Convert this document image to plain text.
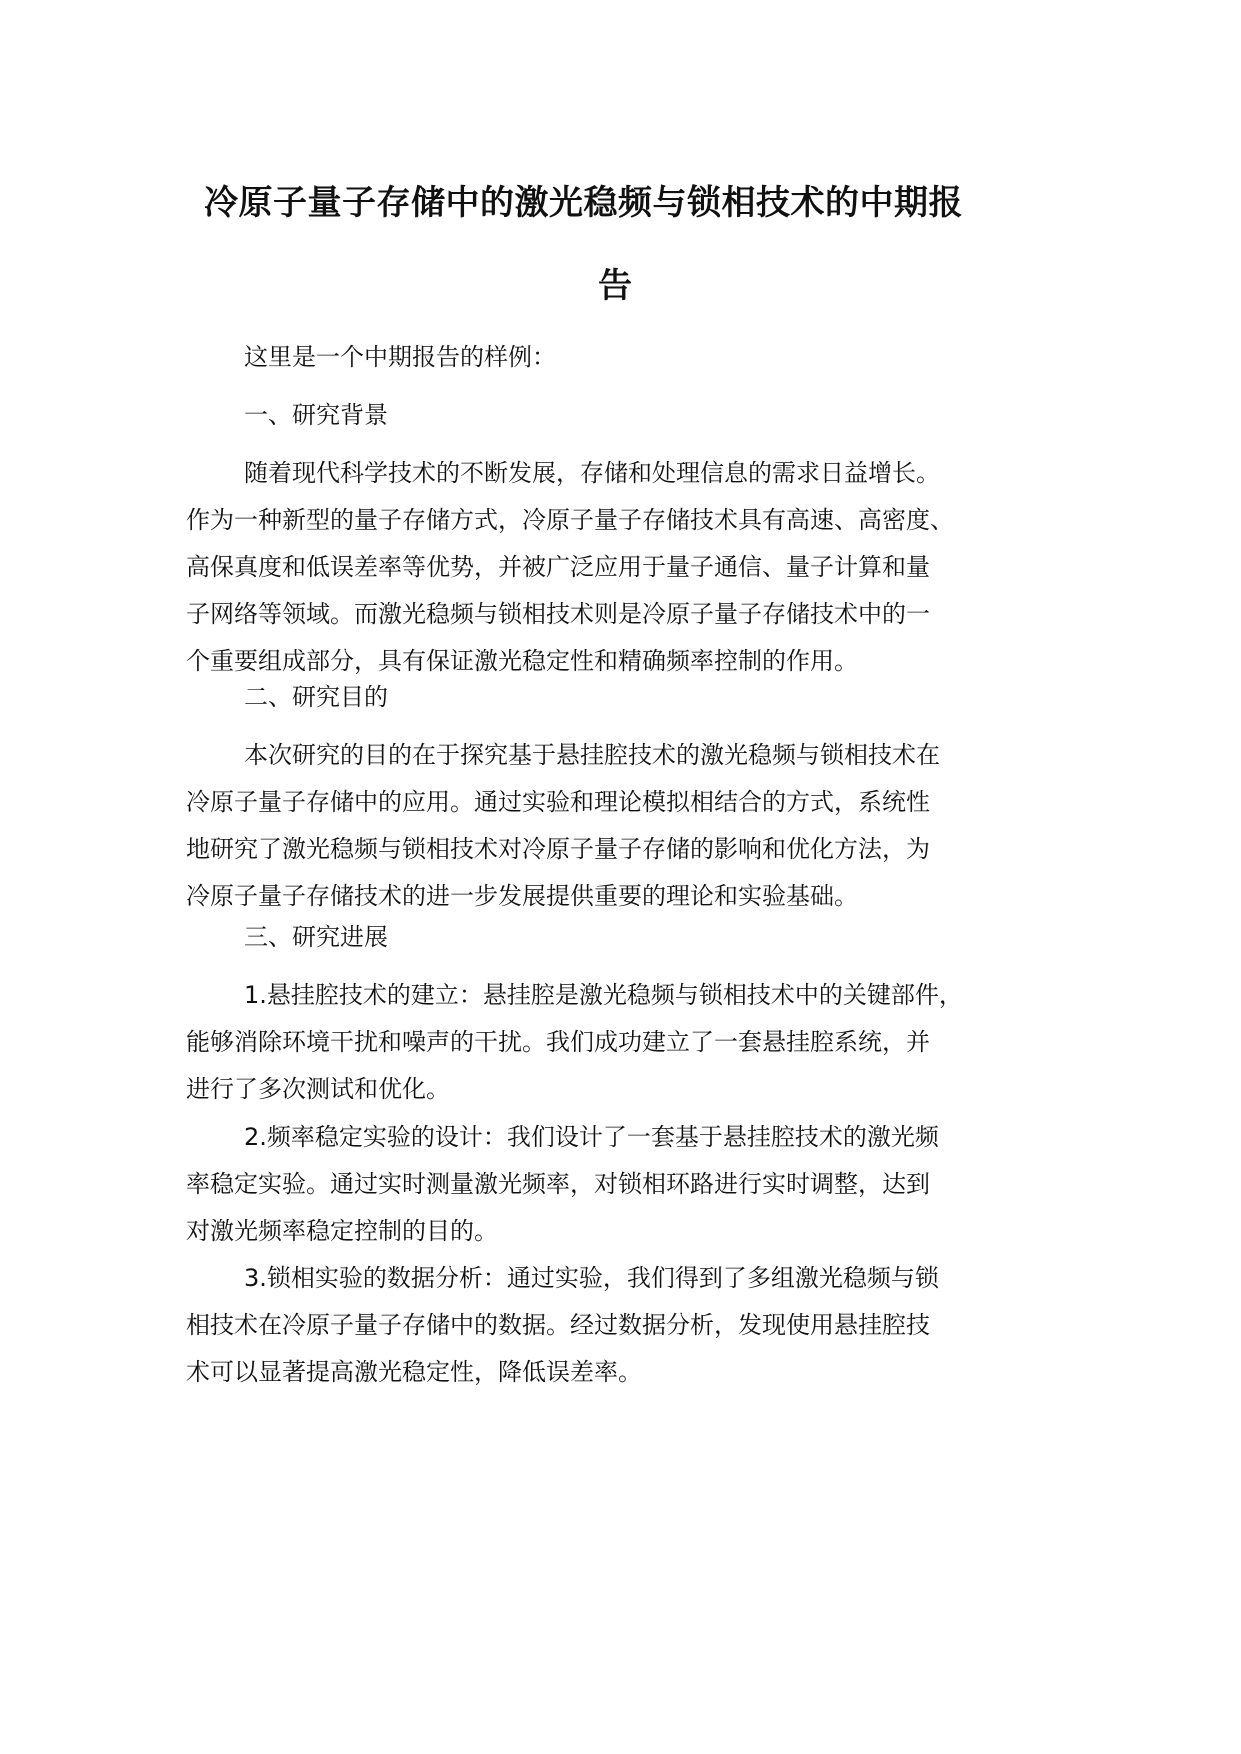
冷原子量子存储中的激光稳频与锁相技术的中期报
告

这里是一个中期报告的样例：

一、研究背景

随着现代科学技术的不断发展，存储和处理信息的需求日益增长。
作为一种新型的量子存储方式，冷原子量子存储技术具有高速、高密度、
高保真度和低误差率等优势，并被广泛应用于量子通信、量子计算和量
子网络等领域。而激光稳频与锁相技术则是冷原子量子存储技术中的一
个重要组成部分，具有保证激光稳定性和精确频率控制的作用。

二、研究目的

本次研究的目的在于探究基于悬挂腔技术的激光稳频与锁相技术在
冷原子量子存储中的应用。通过实验和理论模拟相结合的方式，系统性
地研究了激光稳频与锁相技术对冷原子量子存储的影响和优化方法，为
冷原子量子存储技术的进一步发展提供重要的理论和实验基础。

三、研究进展

1.悬挂腔技术的建立：悬挂腔是激光稳频与锁相技术中的关键部件，
能够消除环境干扰和噪声的干扰。我们成功建立了一套悬挂腔系统，并
进行了多次测试和优化。
2.频率稳定实验的设计：我们设计了一套基于悬挂腔技术的激光频
率稳定实验。通过实时测量激光频率，对锁相环路进行实时调整，达到
对激光频率稳定控制的目的。
3.锁相实验的数据分析：通过实验，我们得到了多组激光稳频与锁
相技术在冷原子量子存储中的数据。经过数据分析，发现使用悬挂腔技
术可以显著提高激光稳定性，降低误差率。
